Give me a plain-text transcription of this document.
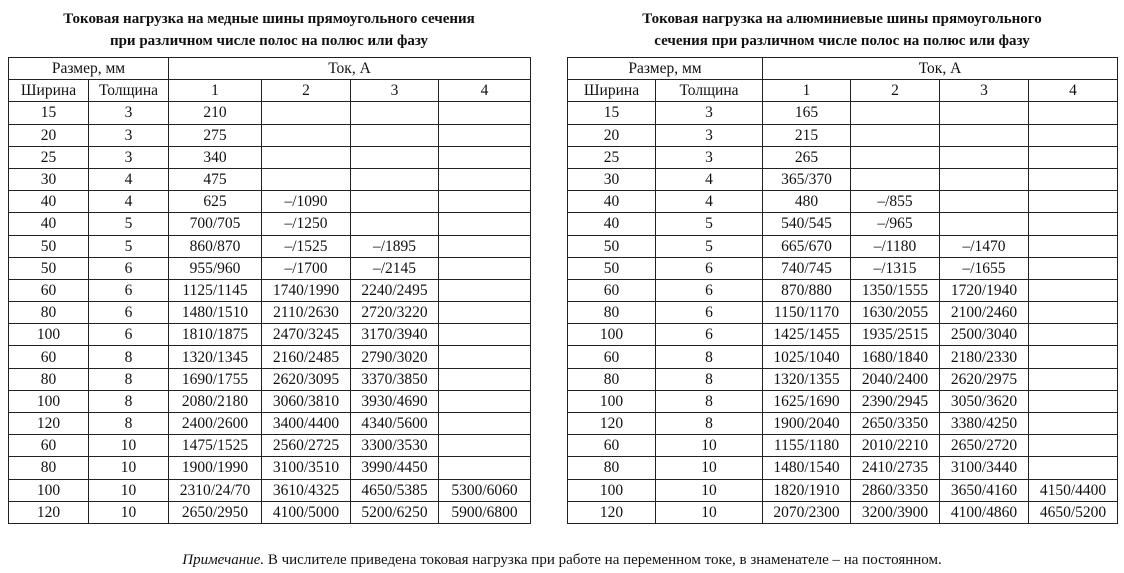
Токовая нагрузка на медные шины прямоугольного сечения
при различном числе полос на полюс или фазу
Размер, мм		Ток, А			
Ширина	Толщина	1	2	3	4
15	3	210			
20	3	275			
25	3	340			
30	4	475			
40	4	625	–/1090		
40	5	700/705	–/1250		
50	5	860/870	–/1525	–/1895	
50	6	955/960	–/1700	–/2145	
60	6	1125/1145	1740/1990	2240/2495	
80	6	1480/1510	2110/2630	2720/3220	
100	6	1810/1875	2470/3245	3170/3940	
60	8	1320/1345	2160/2485	2790/3020	
80	8	1690/1755	2620/3095	3370/3850	
100	8	2080/2180	3060/3810	3930/4690	
120	8	2400/2600	3400/4400	4340/5600	
60	10	1475/1525	2560/2725	3300/3530	
80	10	1900/1990	3100/3510	3990/4450	
100	10	2310/24/70	3610/4325	4650/5385	5300/6060
120	10	2650/2950	4100/5000	5200/6250	5900/6800
Токовая нагрузка на алюминиевые шины прямоугольного
сечения при различном числе полос на полюс или фазу
Размер, мм		Ток, А			
Ширина	Толщина	1	2	3	4
15	3	165			
20	3	215			
25	3	265			
30	4	365/370			
40	4	480	–/855		
40	5	540/545	–/965		
50	5	665/670	–/1180	–/1470	
50	6	740/745	–/1315	–/1655	
60	6	870/880	1350/1555	1720/1940	
80	6	1150/1170	1630/2055	2100/2460	
100	6	1425/1455	1935/2515	2500/3040	
60	8	1025/1040	1680/1840	2180/2330	
80	8	1320/1355	2040/2400	2620/2975	
100	8	1625/1690	2390/2945	3050/3620	
120	8	1900/2040	2650/3350	3380/4250	
60	10	1155/1180	2010/2210	2650/2720	
80	10	1480/1540	2410/2735	3100/3440	
100	10	1820/1910	2860/3350	3650/4160	4150/4400
120	10	2070/2300	3200/3900	4100/4860	4650/5200
Примечание. В числителе приведена токовая нагрузка при работе на переменном токе, в знаменателе – на постоянном.
